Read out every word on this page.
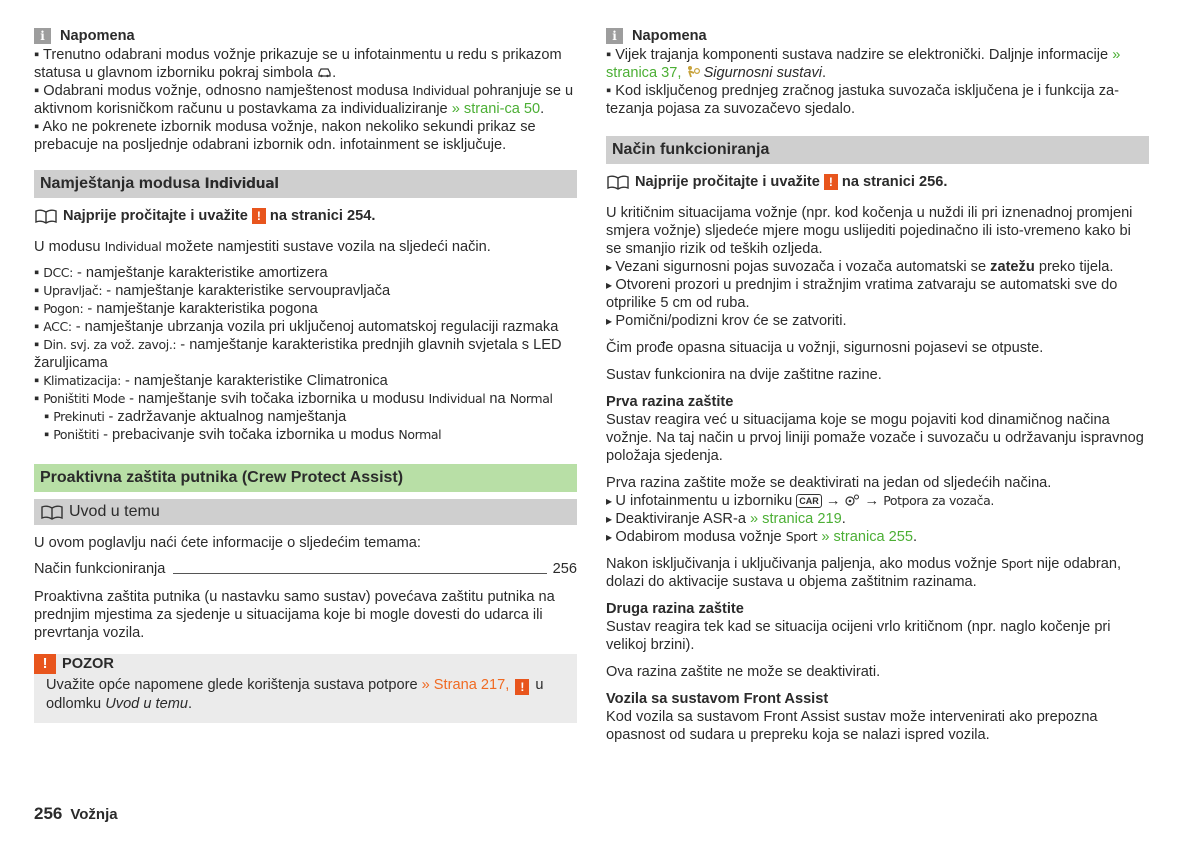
i	Napomena

▪ Trenutno odabrani modus vožnje prikazuje se u infotainmentu u redu s prikazom statusa u glavnom izborniku pokraj simbola .

▪ Odabrani modus vožnje, odnosno namještenost modusa Individual pohranjuje se u aktivnom korisničkom računu u postavkama za individualiziranje » strani-ca 50.

▪ Ako ne pokrenete izbornik modusa vožnje, nakon nekoliko sekundi prikaz se prebacuje na posljednje odabrani izbornik odn. infotainment se isključuje.

Namještanja modusa Individual
Najprije pročitajte i uvažite ! na stranici 254.

U modusu Individual možete namjestiti sustave vozila na sljedeći način.

▪ DCC: - namještanje karakteristike amortizera

▪ Upravljač: - namještanje karakteristike servoupravljača

▪ Pogon: - namještanje karakteristika pogona

▪ ACC: - namještanje ubrzanja vozila pri uključenoj automatskoj regulaciji razmaka

▪ Din. svj. za vož. zavoj.: - namještanje karakteristika prednjih glavnih svjetala s LED žaruljicama

▪ Klimatizacija: - namještanje karakteristike Climatronica

▪ Poništiti Mode - namještanje svih točaka izbornika u modusu Individual na Normal

▪ Prekinuti - zadržavanje aktualnog namještanja

▪ Poništiti - prebacivanje svih točaka izbornika u modus Normal

Proaktivna zaštita putnika (Crew Protect Assist)
Uvod u temu

U ovom poglavlju naći ćete informacije o sljedećim temama:

Način funkcioniranja	256

Proaktivna zaštita putnika (u nastavku samo sustav) povećava zaštitu putnika na prednjim mjestima za sjedenje u situacijama koje bi mogle dovesti do udarca ili prevrtanja vozila.

! POZOR

Uvažite opće napomene glede korištenja sustava potpore » Strana 217, ! u odlomku Uvod u temu.

i	Napomena

▪ Vijek trajanja komponenti sustava nadzire se elektronički. Daljnje informacije » stranica 37, Sigurnosni sustavi.

▪ Kod isključenog prednjeg zračnog jastuka suvozača isključena je i funkcija za-tezanja pojasa za suvozačevo sjedalo.

Način funkcioniranja
Najprije pročitajte i uvažite ! na stranici 256.

U kritičnim situacijama vožnje (npr. kod kočenja u nuždi ili pri iznenadnoj promjeni smjera vožnje) sljedeće mjere mogu uslijediti pojedinačno ili isto-vremeno kako bi se smanjio rizik od teških ozljeda.

▸ Vezani sigurnosni pojas suvozača i vozača automatski se zatežu preko tijela.

▸ Otvoreni prozori u prednjim i stražnjim vratima zatvaraju se automatski sve do otprilike 5 cm od ruba.

▸ Pomični/podizni krov će se zatvoriti.

Čim prođe opasna situacija u vožnji, sigurnosni pojasevi se otpuste.

Sustav funkcionira na dvije zaštitne razine.

Prva razina zaštite

Sustav reagira već u situacijama koje se mogu pojaviti kod dinamičnog načina vožnje. Na taj način u prvoj liniji pomaže vozače i suvozaču u održavanju ispravnog položaja sjedenja.

Prva razina zaštite može se deaktivirati na jedan od sljedećih načina.

▸ U infotainmentu u izborniku CAR → → Potpora za vozača.

▸ Deaktiviranje ASR-a » stranica 219.

▸ Odabirom modusa vožnje Sport » stranica 255.

Nakon isključivanja i uključivanja paljenja, ako modus vožnje Sport nije odabran, dolazi do aktivacije sustava u objema zaštitnim razinama.

Druga razina zaštite

Sustav reagira tek kad se situacija ocijeni vrlo kritičnom (npr. naglo kočenje pri velikoj brzini).

Ova razina zaštite ne može se deaktivirati.

Vozila sa sustavom Front Assist

Kod vozila sa sustavom Front Assist sustav može intervenirati ako prepozna opasnost od sudara u prepreku koja se nalazi ispred vozila.

256 Vožnja
